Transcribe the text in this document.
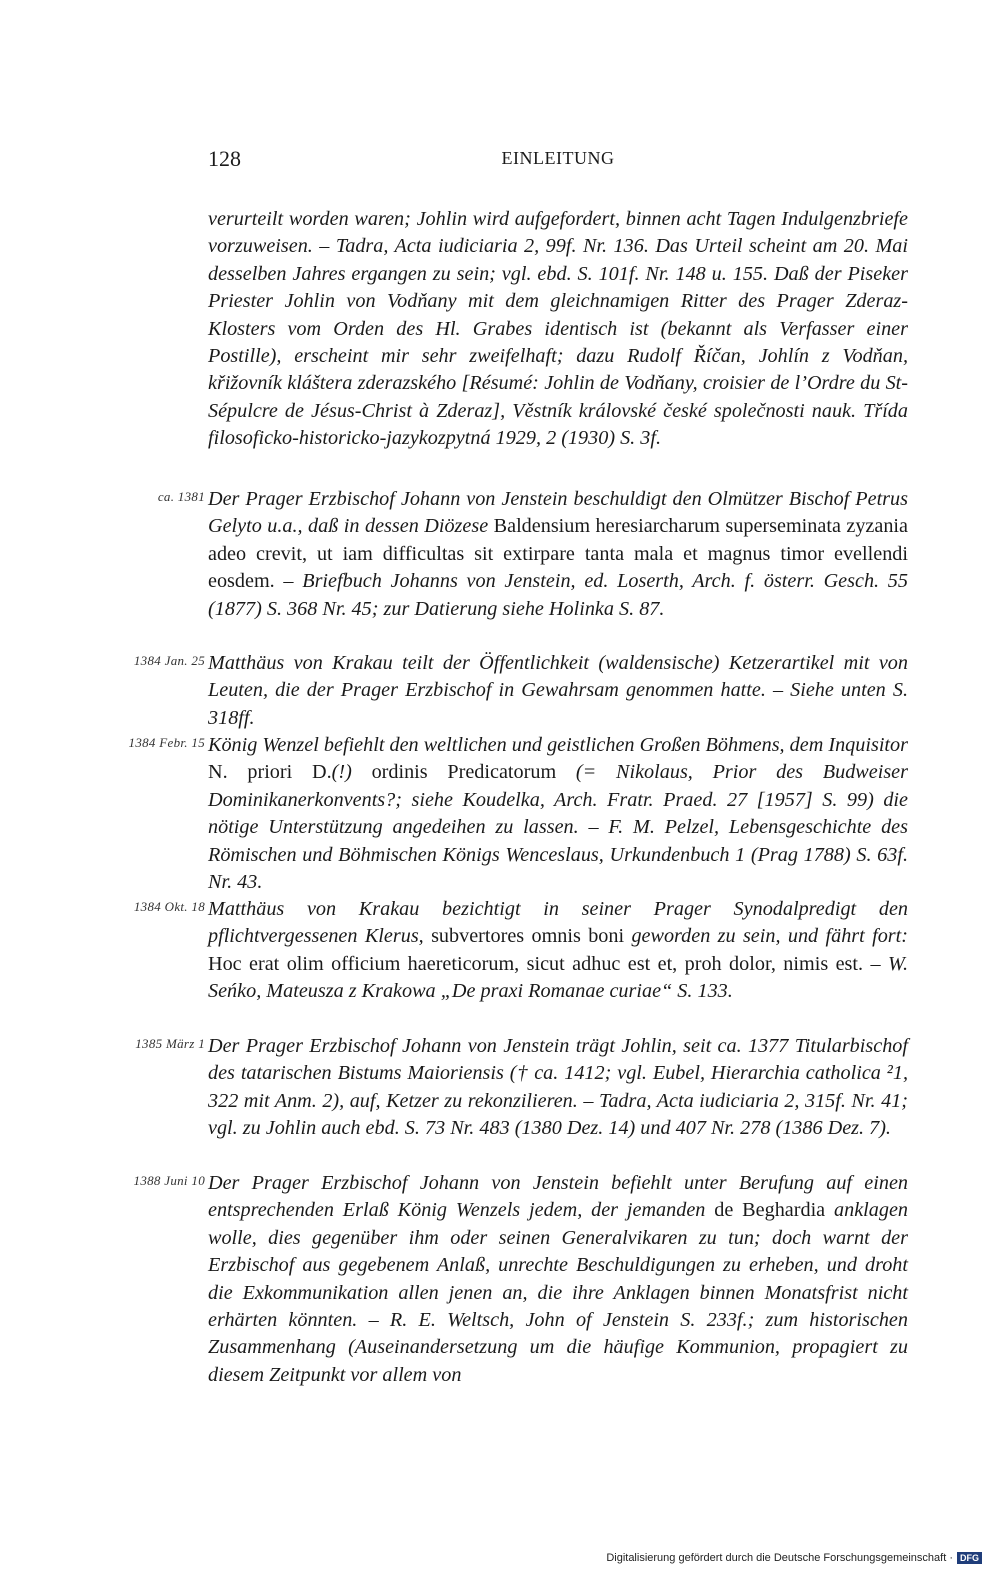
128	EINLEITUNG
verurteilt worden waren; Johlin wird aufgefordert, binnen acht Tagen Indulgenzbriefe vorzuweisen. – Tadra, Acta iudiciaria 2, 99f. Nr. 136. Das Urteil scheint am 20. Mai desselben Jahres ergangen zu sein; vgl. ebd. S. 101f. Nr. 148 u. 155. Daß der Piseker Priester Johlin von Vodňany mit dem gleichnamigen Ritter des Prager Zderaz-Klosters vom Orden des Hl. Grabes identisch ist (bekannt als Verfasser einer Postille), erscheint mir sehr zweifelhaft; dazu Rudolf Říčan, Johlín z Vodňan, křižovník kláštera zderazského [Résumé: Johlin de Vodňany, croisier de l’Ordre du St-Sépulcre de Jésus-Christ à Zderaz], Věstník královské české společnosti nauk. Třída filosoficko-historicko-jazykozpytná 1929, 2 (1930) S. 3f.
ca. 1381 Der Prager Erzbischof Johann von Jenstein beschuldigt den Olmützer Bischof Petrus Gelyto u.a., daß in dessen Diözese Baldensium heresiarcharum superseminata zyzania adeo crevit, ut iam difficultas sit extirpare tanta mala et magnus timor evellendi eosdem. – Briefbuch Johanns von Jenstein, ed. Loserth, Arch. f. österr. Gesch. 55 (1877) S. 368 Nr. 45; zur Datierung siehe Holinka S. 87.
1384 Jan. 25 Matthäus von Krakau teilt der Öffentlichkeit (waldensische) Ketzerartikel mit von Leuten, die der Prager Erzbischof in Gewahrsam genommen hatte. – Siehe unten S. 318ff.
1384 Febr. 15 König Wenzel befiehlt den weltlichen und geistlichen Großen Böhmens, dem Inquisitor N. priori D.(!) ordinis Predicatorum (= Nikolaus, Prior des Budweiser Dominikanerkonvents?; siehe Koudelka, Arch. Fratr. Praed. 27 [1957] S. 99) die nötige Unterstützung angedeihen zu lassen. – F. M. Pelzel, Lebensgeschichte des Römischen und Böhmischen Königs Wenceslaus, Urkundenbuch 1 (Prag 1788) S. 63f. Nr. 43.
1384 Okt. 18 Matthäus von Krakau bezichtigt in seiner Prager Synodalpredigt den pflichtvergessenen Klerus, subvertores omnis boni geworden zu sein, und fährt fort: Hoc erat olim officium haereticorum, sicut adhuc est et, proh dolor, nimis est. – W. Seńko, Mateusza z Krakowa „De praxi Romanae curiae“ S. 133.
1385 März 1 Der Prager Erzbischof Johann von Jenstein trägt Johlin, seit ca. 1377 Titularbischof des tatarischen Bistums Maioriensis († ca. 1412; vgl. Eubel, Hierarchia catholica ²1, 322 mit Anm. 2), auf, Ketzer zu rekonzilieren. – Tadra, Acta iudiciaria 2, 315f. Nr. 41; vgl. zu Johlin auch ebd. S. 73 Nr. 483 (1380 Dez. 14) und 407 Nr. 278 (1386 Dez. 7).
1388 Juni 10 Der Prager Erzbischof Johann von Jenstein befiehlt unter Berufung auf einen entsprechenden Erlaß König Wenzels jedem, der jemanden de Beghardia anklagen wolle, dies gegenüber ihm oder seinen Generalvikaren zu tun; doch warnt der Erzbischof aus gegebenem Anlaß, unrechte Beschuldigungen zu erheben, und droht die Exkommunikation allen jenen an, die ihre Anklagen binnen Monatsfrist nicht erhärten könnten. – R. E. Weltsch, John of Jenstein S. 233f.; zum historischen Zusammenhang (Auseinandersetzung um die häufige Kommunion, propagiert zu diesem Zeitpunkt vor allem von
Digitalisierung gefördert durch die Deutsche Forschungsgemeinschaft · DFG
